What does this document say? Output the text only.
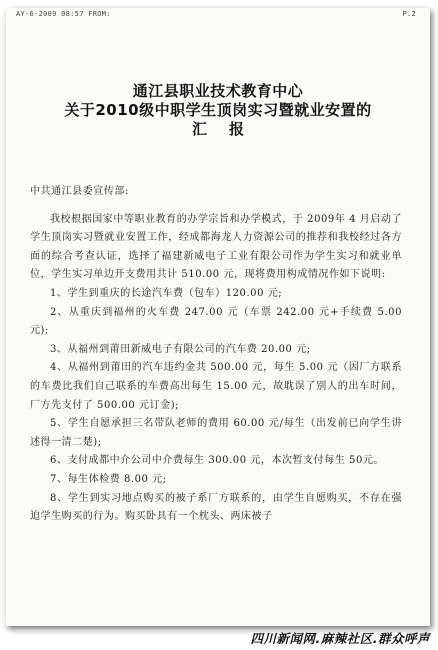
AY-6-2009 08:57 FROM:	P.2
通江县职业技术教育中心
关于2010级中职学生顶岗实习暨就业安置的
汇报

中共通江县委宣传部:

我校根据国家中等职业教育的办学宗旨和办学模式，于 2009年 4 月启动了学生顶岗实习暨就业安置工作，经成都海龙人力资源公司的推荐和我校经过各方面的综合考查认证，选择了福建新威电子工业有限公司作为学生实习和就业单位，学生实习单边开支费用共计 510.00 元，现将费用构成情况作如下说明:

1、学生到重庆的长途汽车费（包车）120.00 元;

2、从重庆到福州的火车费 247.00 元（车票 242.00 元+手续费 5.00 元);

3、从福州到莆田新威电子有限公司的汽车费 20.00 元;

4、从福州到莆田的汽车违约金共 500.00 元，每生 5.00 元（因厂方联系的车费比我们自己联系的车费高出每生 15.00 元，故耽误了别人的出车时间，厂方先支付了 500.00 元订金);

5、学生自愿承担三名带队老师的费用 60.00 元/每生（出发前已向学生讲述得一清二楚);

6、支付成都中介公司中介费每生 300.00 元，本次暂支付每生 50元。

7、每生体检费 8.00 元;

8、学生到实习地点购买的被子系厂方联系的，由学生自愿购买，不存在强迫学生购买的行为。购买卧具有一个枕头、两床被子

四川新闻网.麻辣社区.群众呼声
